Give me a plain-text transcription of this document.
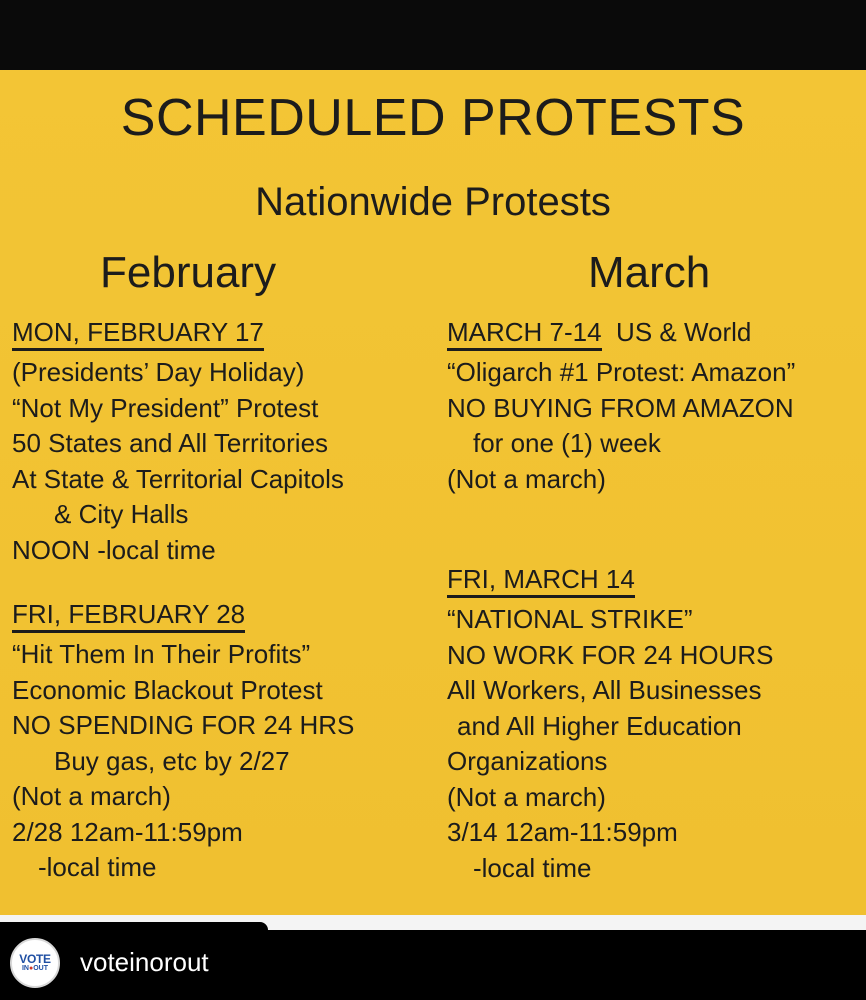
SCHEDULED PROTESTS
Nationwide Protests
February	March
MON, FEBRUARY 17
(Presidents’ Day Holiday)
“Not My President” Protest
50 States and All Territories
At State & Territorial Capitols
& City Halls
NOON -local time
FRI, FEBRUARY 28
“Hit Them In Their Profits”
Economic Blackout Protest
NO SPENDING FOR 24 HRS
Buy gas, etc by 2/27
(Not a march)
2/28 12am-11:59pm
-local time
MARCH 7-14 US & World
“Oligarch #1 Protest: Amazon”
NO BUYING FROM AMAZON
for one (1) week
(Not a march)
FRI, MARCH 14
“NATIONAL STRIKE”
NO WORK FOR 24 HOURS
All Workers, All Businesses
and All Higher Education
Organizations
(Not a march)
3/14 12am-11:59pm
-local time
VOTE
IN●OUT voteinorout
